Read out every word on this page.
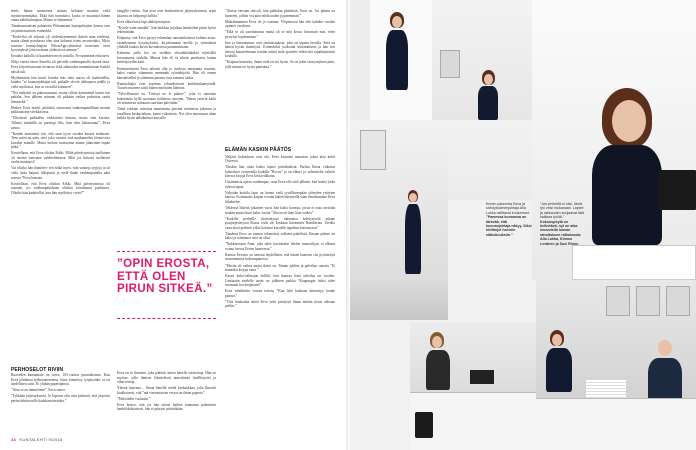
teerit, hänen asenteensa mitoaa kohtaan muuttui vielä myönteisemmäksi. Ekkä hän harmitaisi, koska se muuttaisi hänen omaa näkeloulunjaan. Minua se hämmensi.”

Tämänsuuntaisen palautetin Pirkanmaan kuntajohtajien kanssa taas on päinvastaisten esimerkki.

”Keski-ikä oli erilaisti yli viidenkymmenen ikäisiä mun mielestä, mutta silmät porukassa olen aina kokenut itseni arvostetuksi. Myös nuorten kuntajohtajien WhatsApp-ryhmässä nostetaan esiin kysymyksiä joita tavataan yhdessä toistemme.”

Eroaako kaikilla sä kunteiden myös naisilla. Ne tunnetaan erikoisen.

Nelja vuotta sitten Anniilla oli päivälle vanhempainlla täynnä lasta. Eeva kirjottitusoraan tiistaissa töitä aikataulua mumuttuttaan Kaikki näistä tuli.

Myöhemmin hän kuuli, kuinka eräs tuttu nuova oli kaahtotellut, kuinka ”se kunnanjohtajaa tuli paikalle olevin jakkupuvu päällä ja vielä myöhässä, kun se on niillä kiirainen”.

”Nyt naikaisti on pakosuunnaut, mutta silloin kommentti tuntui tosi pahalta. Sen jälkeen minuun oli pitkään vaikea pukeutua saatti ihmisteltä.”

Hetken Eeva mietti, pitäisikö seuravaan vanhempainilltaan mennä paikkaatoina vierkkaoissa.

”Ulkoisesti paikkaliin verkkarista tiimasa, mutta vain koroita. Tiihaisi mittäällä on parempi filis, kun olen laittautunut”, Eeva sanoo.

”Kentän maininnot sen, että saan tyyni vuoden kaussa miikaasti. Teen mtirä tai näin, ettei joku vastaisi sinä matkamiehet kiemovista kuvaksi minulle. Mutta tuohon muistuttaa minne jäänetään enpän pitkä.”

Kuvitellaan, että Eeva oliskin Erkki. Miltä päivärytmissä tuollainen oli itsensä tomsiaan valehtelemassa. Mitä jos katsaisi tuollaisen osalta muuttaisi?

Vai olisiko hän ihanrleet- sen mikä myös, niin vaatteja tyyjoja ja sit vielä tuota kaipasi ulkopasiti ja vielä ikään vanhempainilta näin nuovia ”Eeva haastaa.

Kuvitellaan, että Eeva olisikin Erkki. Mitä päivärytmissä oli sanonut, jos vanhempainiltaan olisikin kiiruhtanut puolimies. Olisiko hän kaahitellut, kun hän myöhässy varrit?”

PERHOSELOT RIVIIN

Ruoveden kunnantalo on sorva, 103-vuotias puuraikennus. Kun Eeva johdattaa työhuoneeseensa, katse kiinnittyy työpöytään: se on täydellisen siisti. Ei yhtään papertipinoa.

”Aina se on tämmöinen”, Eeva sanoo.

”Tykkään järjestyksestä. Jo lapsena olin niin pedantti, että järjestin perhoslehtisivuille kadokaaväreittäin.”

sängylle rivitiin. Sun avat ovat konkreettiset järjestykseensä, arjen kaaosta on helpompi hallita.”

Eeva alkaa kävä läpi sähköpostejaan.

”Kysele vaan samalla”, hän huikkaa ja jatkaa lattukolme piirin hyvin tekemistään.

Paljaassa, että Eeva pystyy tekemään samanaikaisesti kolmea asiaa: vastailemaan kysymyksiini, kirjoittamaan meiliä ja työmäänsä ylhäällä laukoa kuvia kuvauksessa parannuksiaan.

Kalmena joilla hei on vieläkin vikotahkäitääksä rejttivällä kuvaamassa taidolla. Muista hän eli tä silmät porukassa kuttaa keittiöpöydän katti.

Ensimmäisestä Eeva tahonsi olla jo tiedossa muutamia suureen, kaksi vuotta sittemmin enemmän työntekijöitä. Hän oli ennen hanslaistellut ja sittenmin parasta ovat sanonut tutkia.

Kunnjohtajia ovat sopimus ryhmiksiiseen kaikkeinkamyöndä. Tuosen nuoreen saisit hänen mieluiten lähetsin.

”Velvollisuutta on. Tiivissä ne ei pääsee”, jotta ei sainaitaa kokeenutta kyllä suoraaan kolmessa suoraan. ”Ilman ystäviä kaiki oli erinäisesti mitataan suorittaa päivittäin.”

Tämä voidaan toteuttaa muutamina päivinä rutiineista jokaisen ja tavallisen keskusteluun, kuten viikoittain. Nyt olen innostunut uhan kaikki hyvät näkökulmat kurssille.

Eeva on se ihminen, joka päättää, miten hänelle vartsettuja. Hän on myösse, jolle ihmiset lähettelevät nimettömiä lurellkirjeitä ja vihaviesteja.

Yhtenä kaavana – Ilmaa hänellä seeltä keskaukkaa, joka Ilmoitti kiukkuisesti, että ”mä viereastatvan vessat on ilman paperia”.

”Paikottelin vuolaasti.”

Eeva kertoo, että jos hän ottaisi kaiken saamansa palautteen henkilökohtaisesti, hän ei jaksaisi päivääkään.

”OPIN EROSTA, ETTÄ OLEN PIRUN SITKEÄ.”

”Alussa vaivaan otticoli, kun pahkilan päättäisin. Ensä on. Jos pääsin on huoneen, jolloin vot aina tehdä uuden ja paremman.”

Määräämminen Eeva oli jo osannut. Ylöpistossa hän teki kahden vuoden opinnot vuodessa.

”Eikä se oli suorittamista mutta oli se niin kivaa. Innostuin niin, etten pystynyt lopettamaan.”

Into ja lumoutumus ovat ominaisuuksia, joita on tapana tuosilla. Siitä on hänen hyvän ihmettyisi. Esimerkiksi juoksuun seittämäisesti ja hän tosi hetosti kuuntelemaan itseään näistä mitä ajattelee tehtävistä rajankäynnistä koululla.

”Kaipaan haasteita, ilman niitä en voi hyvin. Se on jokin sisäsyntyinen juttu, jolle minun on hyvin paneutua.”

ELÄMÄN KASKIN PÄÄTÖS

Neljästi kokouksen ovat ohi. Eeva kirjottaa aamuisin jokaa alaa kohti Orivessä.

Tässään hän ottaa hakea lapset päiväkodista. Parhaa Ilmaa viikonsa kokoukset vesimieilla kaikilla ”Rovas” ja on elänyt jo valmisteltu valmiit kiertoa kirjoja Eeva keskiviikkona.

Uusimmista ajasta vanhempaa, osaa Eeva olla siitä jälkeen, kun halusi jotka tulevat tapaa.

Nykyään kotitila lapsi on luonut vielä syvällisempään yhteyden ystävien kanssa. Kotimaasta kaipaa ei enää hänen liittymällä vaan ilmoittamana Eeva liikahtelee.

Tehdessä liikettä jokainen vuosi hän kaksi kuvasta, joista ei osaa arvioida mitään muuta kuin kaksi vuotta ”Alussa on ihan liian vaikea”.

”Kaikille perheille järjestetyssä rakentava kehitystyötä aikaan poisjärjestetyssä illassa eivät ole koskaan kuvanneet Rastikertaa. Tavalla vaan tässä perheen yöläs kokenut kurssille tapahtua kotiseuraan.”

Tämänsä Eeva on toimiut tekemässä valkotta päätöksiä. Ilmaan pääsee on kaksi ja toiminnot siitä on ollut.

”Nukkuessaan Amu, joka tulee kuvioitaksi lehden muotoilijan, ei alkuun voinut kertoa Eevan luonteesta.”

Kanssa Eevasta on sanottu täydellinen, että hänen kaaosen siis pyöritettyä suuremmassa kokoonpanossa.

”Päivän oli vaikea mutta ikävä on. Tämän juhlien ja palvelun sanottu ”Ei muutuku kirjoja vatta.”

Kasvu kuka-valittajan hellitti, hän haastaa lisää urheilua on vuoden. Lantiaatin mielelle usein on julkinen paikka ”Kaupungin laiksi tulee isoimmat kovistajattaret”.

Eeva vahdittelee vetoaa toimia, ”Kun lyhe kaukana kiinnittyy, hanke painuu.”

”Viisi kuukautta sitten Eeva yritti pistäytyä ilman mitään tietoa oikeaan peiliin.”

34 KUNTALEHTI 9/2018
Ennen palaveria Eeva ja sivistystoimenjohtaja Aila Lukka valittavat kuulumiset. ”Pamessa kunnassa on tärkeää, että kunnanjohtaja näkyy. Siksi kiellänjet harvoin etäkokouksiin.”
”Jos perhettä ei olisi, tämä työ veisi mukanaan. Lapset ja rakkauden suojaavat tätä kaikkea työltä.” Kokouspöytä on kellertävä, nyt on aika neuvotella luovan rahoituksen ratkaisusta. Aila Lukka, Kimmo Levänen ja Suvi Rinne.
